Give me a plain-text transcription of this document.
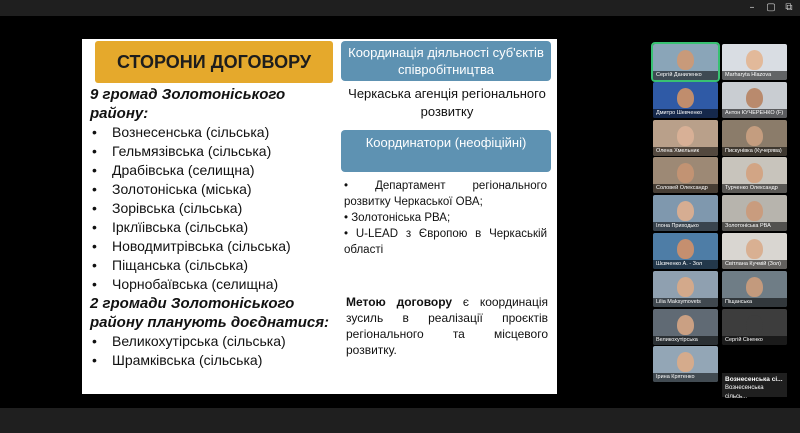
–	▢ ⧉
СТОРОНИ ДОГОВОРУ
9 громад Золотоніського району:
• Вознесенська (сільська)
• Гельмязівська (сільська)
• Драбівська (селищна)
• Золотоніська (міська)
• Зорівська (сільська)
• Ірклїівська (сільська)
• Новодмитрівська (сільська)
• Піщанська (сільська)
• Чорнобаївська (селищна)
2 громади Золотоніського району планують доєднатися:
• Великохутірська (сільська)
• Шрамківська (сільська)
Координація діяльності суб'єктів співробітництва
Черкаська агенція регіонального розвитку
Координатори (неофіційні)
• Департамент регіонального розвитку Черкаської ОВА;
• Золотоніська РВА;
• U-LEAD з Європою в Черкаській області
Метою договору є координація зусиль в реалізації проєктів регіонального та місцевого розвитку.
Вознесенська сі...
Вознесенська сільсь...
Сергій Даниленко	Marharyta Hlazova
Дмитро Шевченко	Антон КУЧЕРЕНКО (F)
Олена Хмельник	Пискунівка (Кучерява)
Соловей Олександр	Турченко Олександр
Ілона Приходько	Золотоніська РВА
Шєвченко А. - Зол	Світлана Кучмій (Зол)
Lilia Maksymovets	Піщанська
Великохутірська	Сергій Сіненко
Ірина Крятенко
